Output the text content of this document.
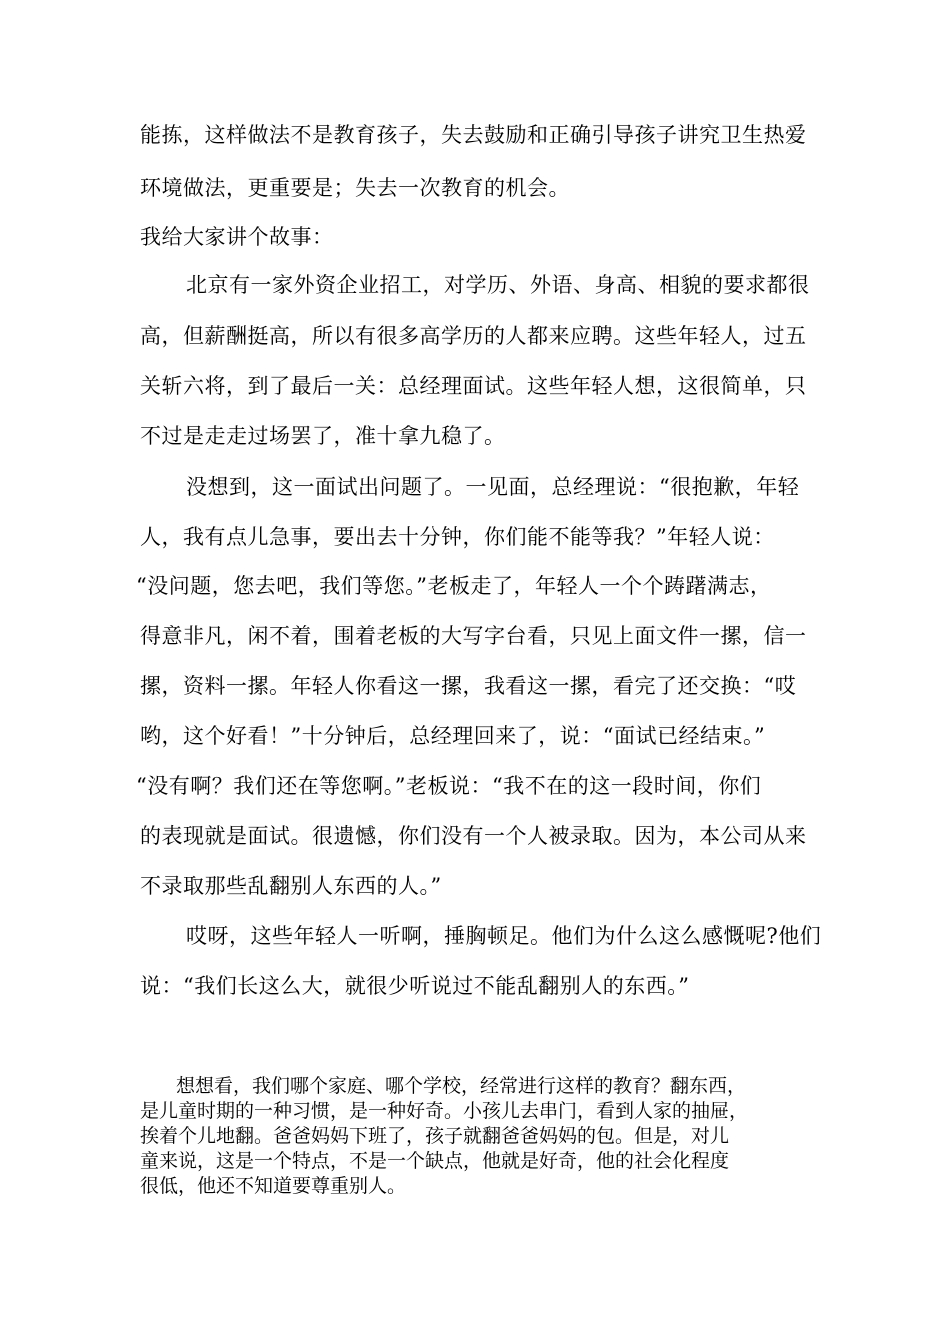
能拣，这样做法不是教育孩子，失去鼓励和正确引导孩子讲究卫生热爱
环境做法，更重要是；失去一次教育的机会。
我给大家讲个故事：
北京有一家外资企业招工，对学历、外语、身高、相貌的要求都很
高，但薪酬挺高，所以有很多高学历的人都来应聘。这些年轻人，过五
关斩六将，到了最后一关：总经理面试。这些年轻人想，这很简单，只
不过是走走过场罢了，准十拿九稳了。
没想到，这一面试出问题了。一见面，总经理说：“很抱歉，年轻
人，我有点儿急事，要出去十分钟，你们能不能等我？”年轻人说：
“没问题，您去吧，我们等您。”老板走了，年轻人一个个踌躇满志，
得意非凡，闲不着，围着老板的大写字台看，只见上面文件一摞，信一
摞，资料一摞。年轻人你看这一摞，我看这一摞，看完了还交换：“哎
哟，这个好看！”十分钟后，总经理回来了，说：“面试已经结束。”
“没有啊？我们还在等您啊。”老板说：“我不在的这一段时间，你们
的表现就是面试。很遗憾，你们没有一个人被录取。因为，本公司从来
不录取那些乱翻别人东西的人。”
哎呀，这些年轻人一听啊，捶胸顿足。他们为什么这么感慨呢?他们
说：“我们长这么大，就很少听说过不能乱翻别人的东西。”
想想看，我们哪个家庭、哪个学校，经常进行这样的教育？翻东西，
是儿童时期的一种习惯，是一种好奇。小孩儿去串门，看到人家的抽屉，
挨着个儿地翻。爸爸妈妈下班了，孩子就翻爸爸妈妈的包。但是，对儿
童来说，这是一个特点，不是一个缺点，他就是好奇，他的社会化程度
很低，他还不知道要尊重别人。
